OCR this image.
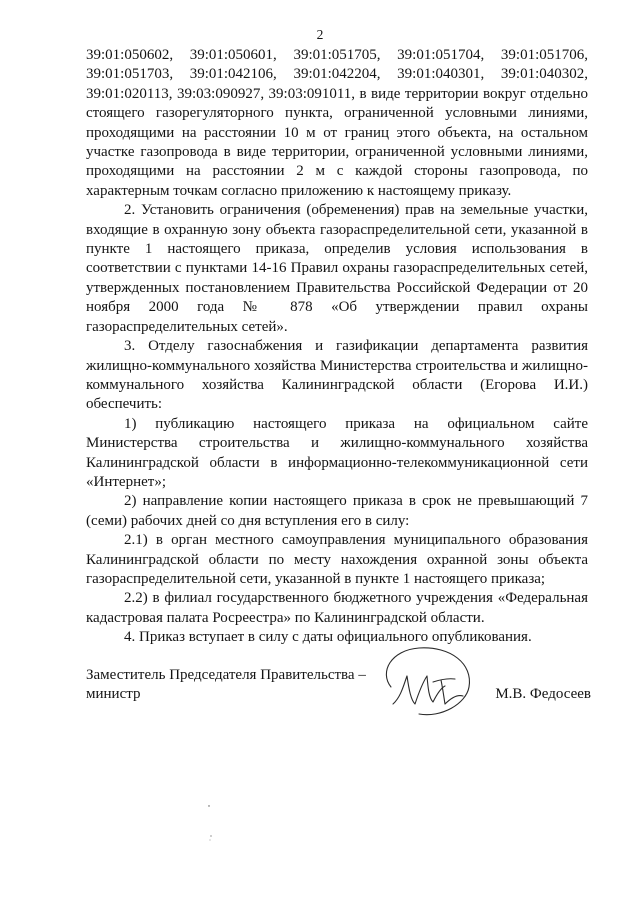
2

39:01:050602, 39:01:050601, 39:01:051705, 39:01:051704, 39:01:051706, 39:01:051703, 39:01:042106, 39:01:042204, 39:01:040301, 39:01:040302, 39:01:020113, 39:03:090927, 39:03:091011, в виде территории вокруг отдельно стоящего газорегуляторного пункта, ограниченной условными линиями, проходящими на расстоянии 10 м от границ этого объекта, на остальном участке газопровода в виде территории, ограниченной условными линиями, проходящими на расстоянии 2 м с каждой стороны газопровода, по характерным точкам согласно приложению к настоящему приказу.

2. Установить ограничения (обременения) прав на земельные участки, входящие в охранную зону объекта газораспределительной сети, указанной в пункте 1 настоящего приказа, определив условия использования в соответствии с пунктами 14-16 Правил охраны газораспределительных сетей, утвержденных постановлением Правительства Российской Федерации от 20 ноября 2000 года № 878 «Об утверждении правил охраны газораспределительных сетей».

3. Отделу газоснабжения и газификации департамента развития жилищно-коммунального хозяйства Министерства строительства и жилищно-коммунального хозяйства Калининградской области (Егорова И.И.) обеспечить:

1) публикацию настоящего приказа на официальном сайте Министерства строительства и жилищно-коммунального хозяйства Калининградской области в информационно-телекоммуникационной сети «Интернет»;

2) направление копии настоящего приказа в срок не превышающий 7 (семи) рабочих дней со дня вступления его в силу:

2.1) в орган местного самоуправления муниципального образования Калининградской области по месту нахождения охранной зоны объекта газораспределительной сети, указанной в пункте 1 настоящего приказа;

2.2) в филиал государственного бюджетного учреждения «Федеральная кадастровая палата Росреестра» по Калининградской области.

4. Приказ вступает в силу с даты официального опубликования.

Заместитель Председателя Правительства –
министр	М.В. Федосеев
